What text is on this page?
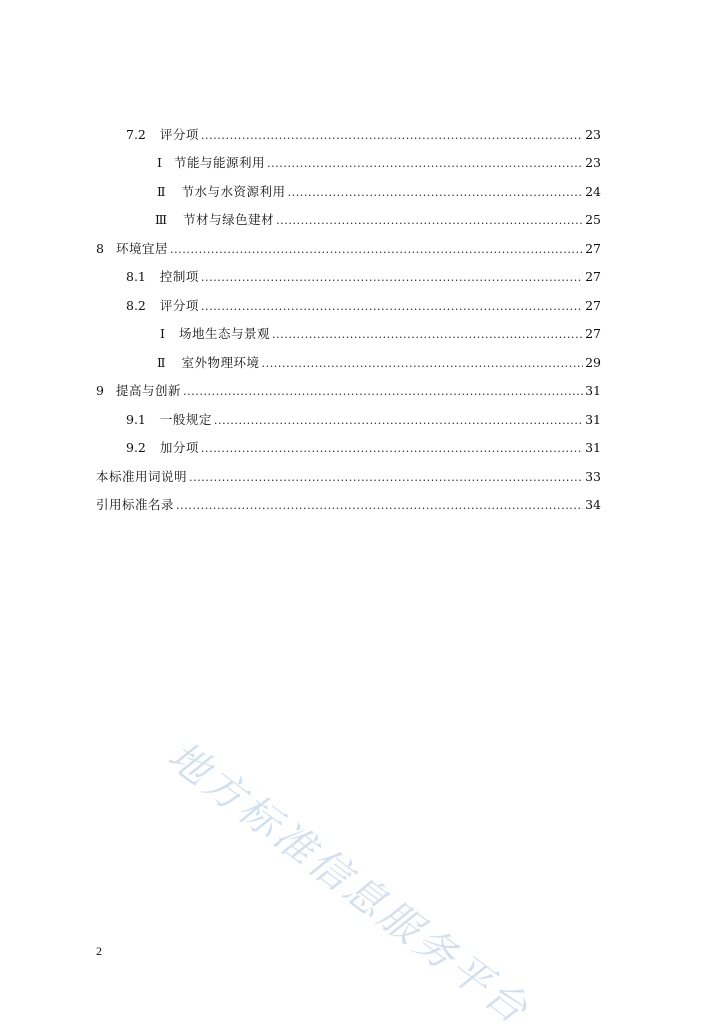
7.2 评分项 .....	23
Ⅰ 节能与能源利用 .....	23
Ⅱ 节水与水资源利用 .....	24
Ⅲ 节材与绿色建材 .....	25
8 环境宜居 .....	27
8.1 控制项 .....	27
8.2 评分项 .....	27
Ⅰ 场地生态与景观 .....	27
Ⅱ 室外物理环境 .....	29
9 提高与创新 .....	31
9.1 一般规定 .....	31
9.2 加分项 .....	31
本标准用词说明 .....	33
引用标准名录 .....	34
地方标准信息服务平台
2
